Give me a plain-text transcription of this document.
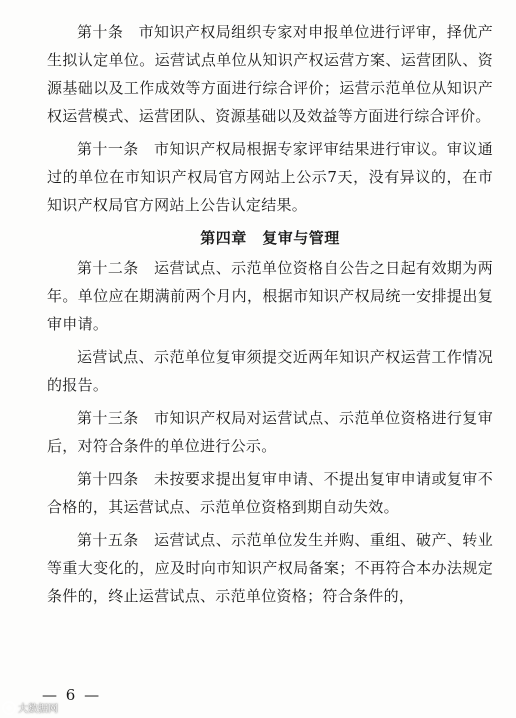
第十条　市知识产权局组织专家对申报单位进行评审，择优产生拟认定单位。运营试点单位从知识产权运营方案、运营团队、资源基础以及工作成效等方面进行综合评价；运营示范单位从知识产权运营模式、运营团队、资源基础以及效益等方面进行综合评价。

第十一条　市知识产权局根据专家评审结果进行审议。审议通过的单位在市知识产权局官方网站上公示7天，没有异议的，在市知识产权局官方网站上公告认定结果。

第四章　复审与管理

第十二条　运营试点、示范单位资格自公告之日起有效期为两年。单位应在期满前两个月内，根据市知识产权局统一安排提出复审申请。

运营试点、示范单位复审须提交近两年知识产权运营工作情况的报告。

第十三条　市知识产权局对运营试点、示范单位资格进行复审后，对符合条件的单位进行公示。

第十四条　未按要求提出复审申请、不提出复审申请或复审不合格的，其运营试点、示范单位资格到期自动失效。

第十五条　运营试点、示范单位发生并购、重组、破产、转业等重大变化的，应及时向市知识产权局备案；不再符合本办法规定条件的，终止运营试点、示范单位资格；符合条件的，

— 6 —
大数据网
